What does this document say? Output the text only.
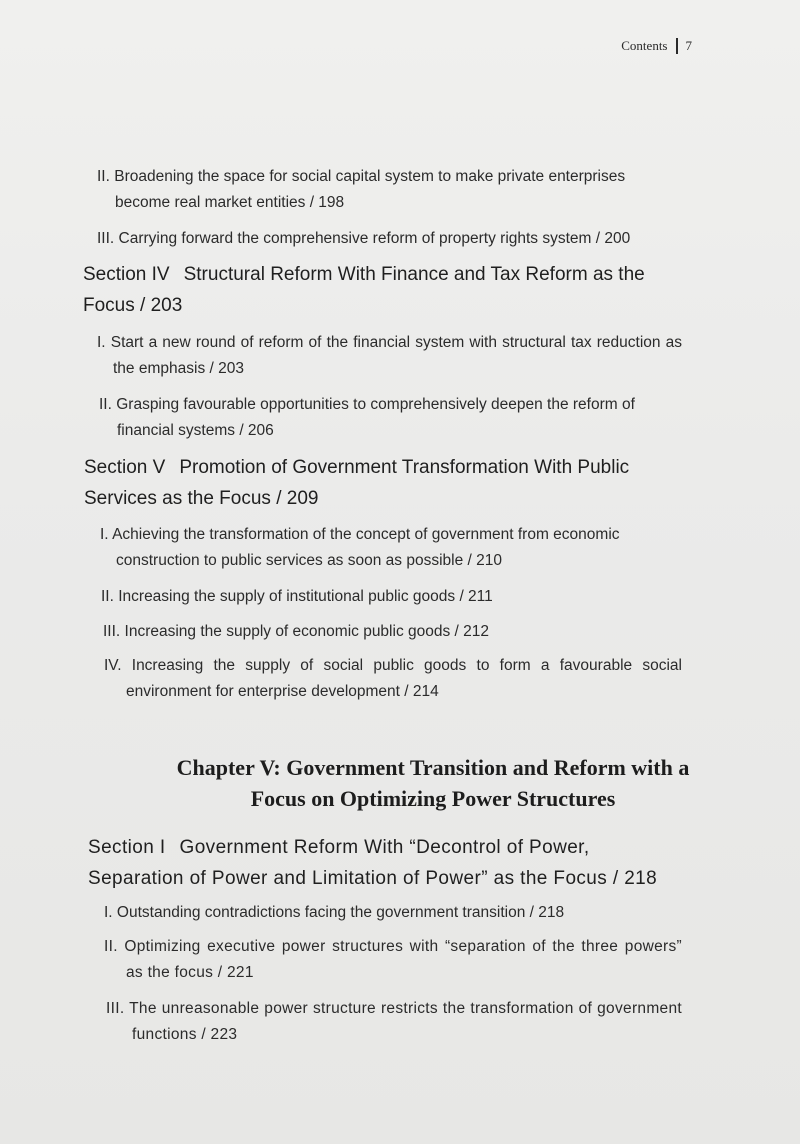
Contents 7
II. Broadening the space for social capital system to make private enterprises become real market entities / 198
III. Carrying forward the comprehensive reform of property rights system / 200
Section IV Structural Reform With Finance and Tax Reform as the Focus / 203
I. Start a new round of reform of the financial system with structural tax reduction as the emphasis / 203
II. Grasping favourable opportunities to comprehensively deepen the reform of financial systems / 206
Section V Promotion of Government Transformation With Public Services as the Focus / 209
I. Achieving the transformation of the concept of government from economic construction to public services as soon as possible / 210
II. Increasing the supply of institutional public goods / 211
III. Increasing the supply of economic public goods / 212
IV. Increasing the supply of social public goods to form a favourable social environment for enterprise development / 214
Chapter V: Government Transition and Reform with a
Focus on Optimizing Power Structures
Section I Government Reform With “Decontrol of Power, Separation of Power and Limitation of Power” as the Focus / 218
I. Outstanding contradictions facing the government transition / 218
II. Optimizing executive power structures with “separation of the three powers” as the focus / 221
III. The unreasonable power structure restricts the transformation of government functions / 223
